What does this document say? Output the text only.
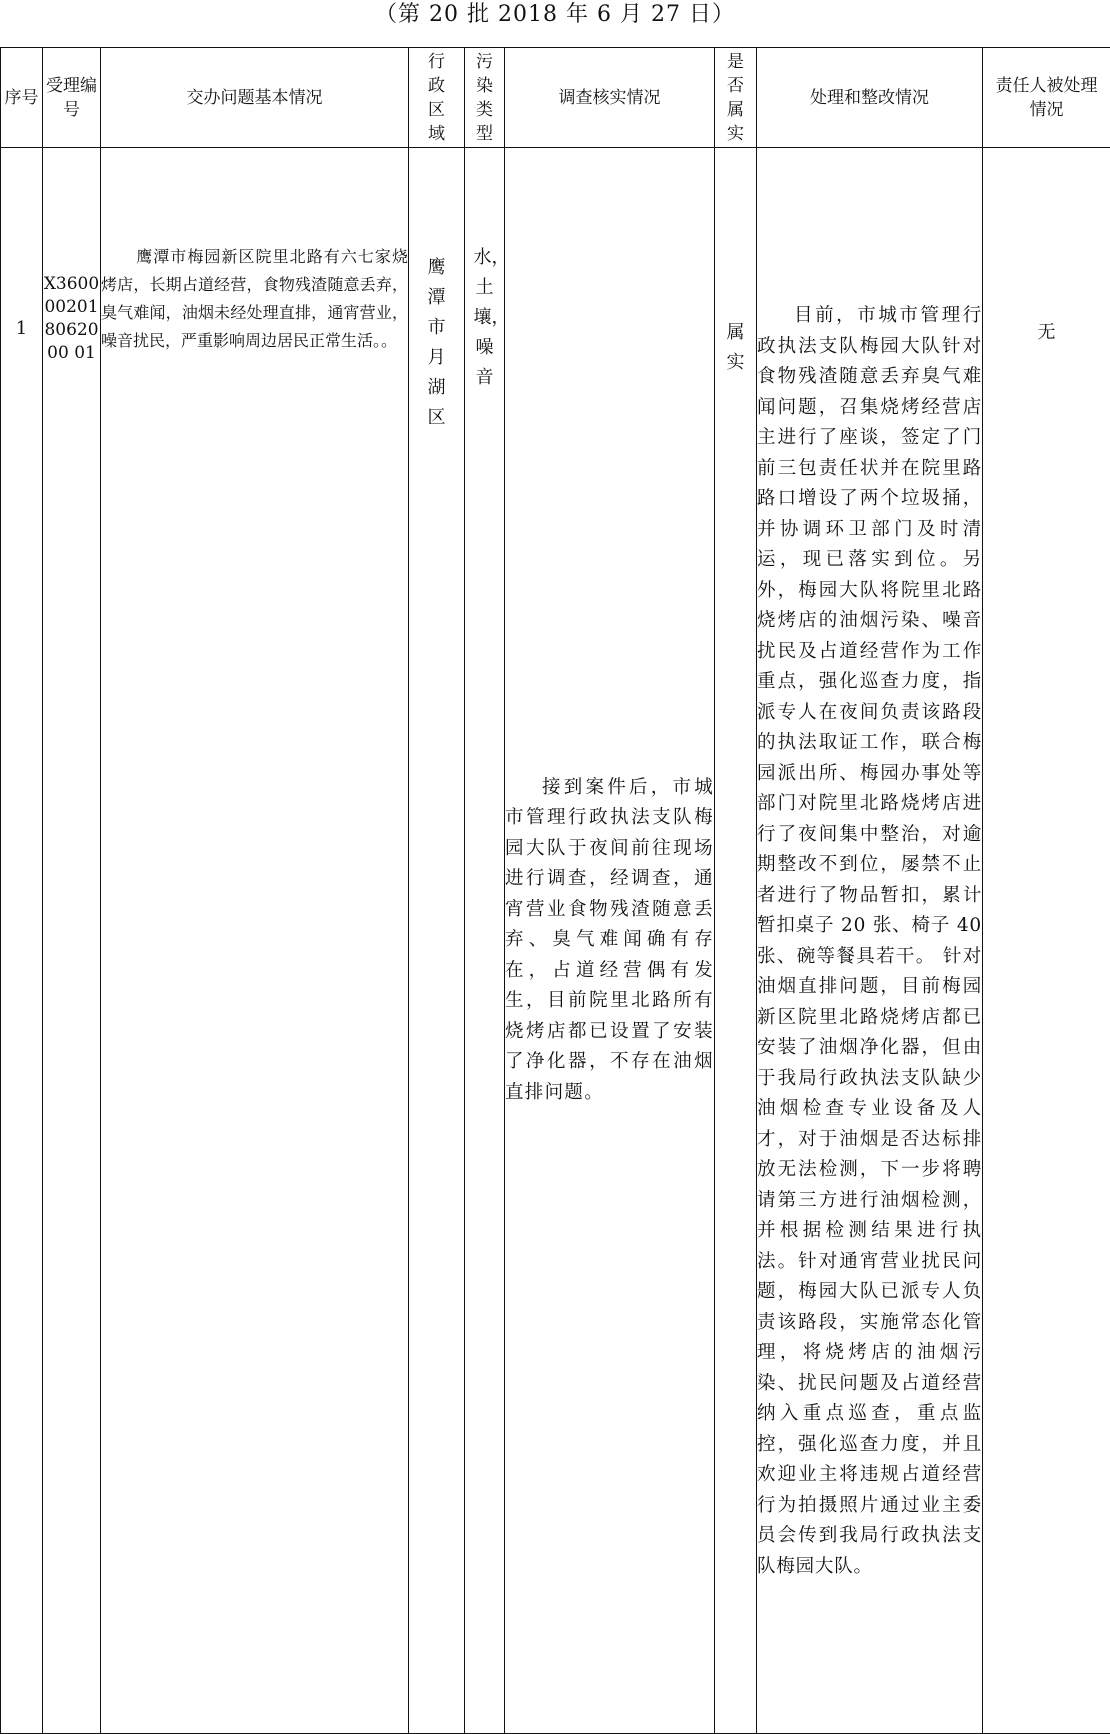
（第 20 批 2018 年 6 月 27 日）
序号	受理编号	交办问题基本情况	行政区域	污染类型	调查核实情况	是否属实	处理和整改情况	责任人被处理情况
1	X3600002018062000 01	鹰潭市梅园新区院里北路有六七家烧烤店，长期占道经营，食物残渣随意丢弃，臭气难闻，油烟未经处理直排，通宵营业，噪音扰民，严重影响周边居民正常生活。。	鹰潭市月湖区	水，土壤，噪音	接到案件后，市城市管理行政执法支队梅园大队于夜间前往现场进行调查，经调查，通宵营业食物残渣随意丢弃、臭气难闻确有存在，占道经营偶有发生，目前院里北路所有烧烤店都已设置了安装了净化器，不存在油烟直排问题。	属实	目前，市城市管理行政执法支队梅园大队针对食物残渣随意丢弃臭气难闻问题，召集烧烤经营店主进行了座谈，签定了门前三包责任状并在院里路路口增设了两个垃圾捅，并协调环卫部门及时清运，现已落实到位。另外，梅园大队将院里北路烧烤店的油烟污染、噪音扰民及占道经营作为工作重点，强化巡查力度，指派专人在夜间负责该路段的执法取证工作，联合梅园派出所、梅园办事处等部门对院里北路烧烤店进行了夜间集中整治，对逾期整改不到位，屡禁不止者进行了物品暂扣，累计暂扣桌子 20 张、椅子 40 张、碗等餐具若干。 针对油烟直排问题，目前梅园新区院里北路烧烤店都已安装了油烟净化器，但由于我局行政执法支队缺少油烟检查专业设备及人才，对于油烟是否达标排放无法检测，下一步将聘请第三方进行油烟检测，并根据检测结果进行执法。针对通宵营业扰民问题，梅园大队已派专人负责该路段，实施常态化管理，将烧烤店的油烟污染、扰民问题及占道经营纳入重点巡查，重点监控，强化巡查力度，并且欢迎业主将违规占道经营行为拍摄照片通过业主委员会传到我局行政执法支队梅园大队。	无
